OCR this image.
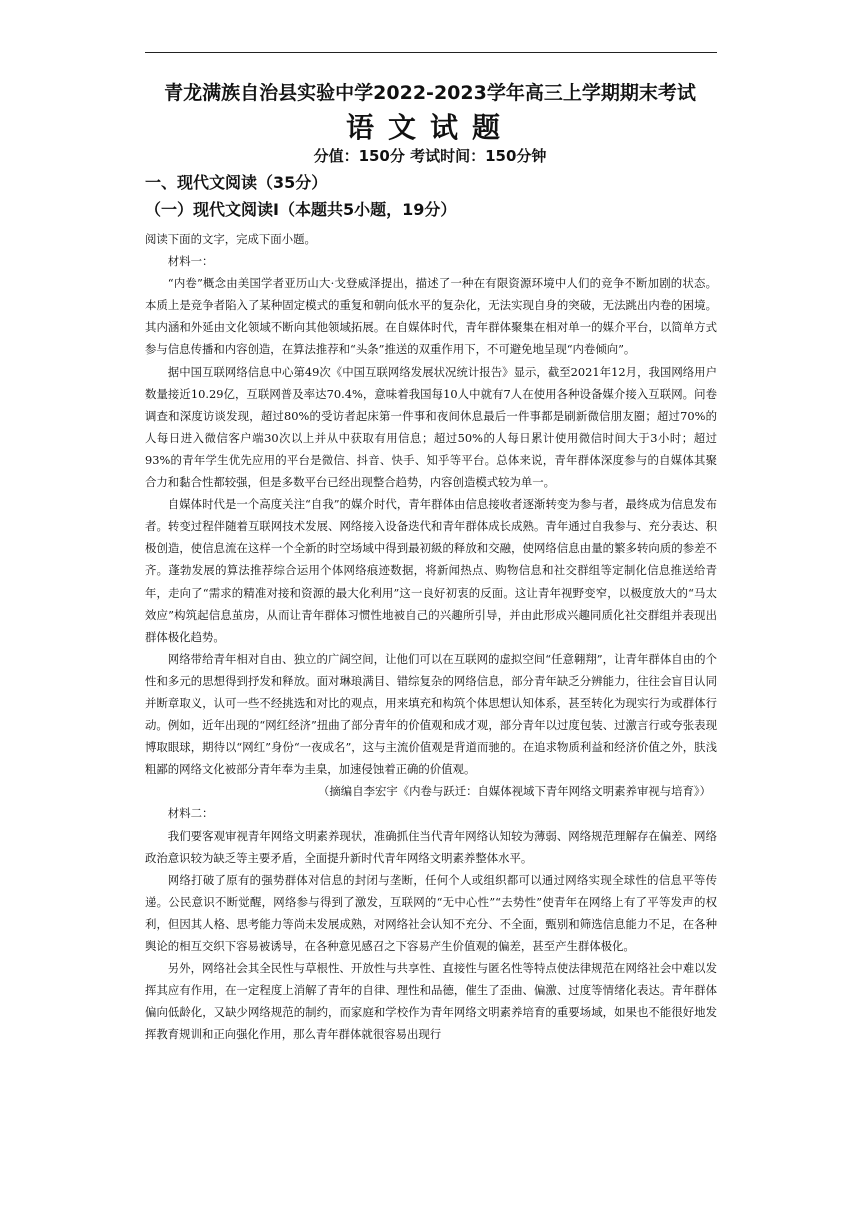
青龙满族自治县实验中学2022-2023学年高三上学期期末考试
语文试题
分值：150分 考试时间：150分钟
一、现代文阅读（35分）
（一）现代文阅读Ⅰ（本题共5小题，19分）

阅读下面的文字，完成下面小题。

材料一：

“内卷”概念由美国学者亚历山大·戈登威泽提出，描述了一种在有限资源环境中人们的竞争不断加剧的状态。本质上是竞争者陷入了某种固定模式的重复和朝向低水平的复杂化，无法实现自身的突破，无法跳出内卷的困境。其内涵和外延由文化领域不断向其他领域拓展。在自媒体时代，青年群体聚集在相对单一的媒介平台，以简单方式参与信息传播和内容创造，在算法推荐和“头条”推送的双重作用下，不可避免地呈现“内卷倾向”。

据中国互联网络信息中心第49次《中国互联网络发展状况统计报告》显示，截至2021年12月，我国网络用户数量接近10.29亿，互联网普及率达70.4%，意味着我国每10人中就有7人在使用各种设备媒介接入互联网。问卷调查和深度访谈发现，超过80%的受访者起床第一件事和夜间休息最后一件事都是刷新微信朋友圈；超过70%的人每日进入微信客户端30次以上并从中获取有用信息；超过50%的人每日累计使用微信时间大于3小时；超过93%的青年学生优先应用的平台是微信、抖音、快手、知乎等平台。总体来说，青年群体深度参与的自媒体其聚合力和黏合性都较强，但是多数平台已经出现整合趋势，内容创造模式较为单一。

自媒体时代是一个高度关注“自我”的媒介时代，青年群体由信息接收者逐渐转变为参与者，最终成为信息发布者。转变过程伴随着互联网技术发展、网络接入设备迭代和青年群体成长成熟。青年通过自我参与、充分表达、积极创造，使信息流在这样一个全新的时空场域中得到最初級的释放和交融，使网络信息由量的繁多转向质的参差不齐。蓬勃发展的算法推荐综合运用个体网络痕迹数据，将新闻热点、购物信息和社交群组等定制化信息推送给青年，走向了“需求的精准对接和资源的最大化利用”这一良好初衷的反面。这让青年视野变窄，以极度放大的“马太效应”构筑起信息茧房，从而让青年群体习惯性地被自己的兴趣所引导，并由此形成兴趣同质化社交群组并表现出群体极化趋势。

网络带给青年相对自由、独立的广阔空间，让他们可以在互联网的虚拟空间“任意翱翔”，让青年群体自由的个性和多元的思想得到抒发和释放。面对琳琅满目、错综复杂的网络信息，部分青年缺乏分辨能力，往往会盲目认同并断章取义，认可一些不经挑选和对比的观点，用来填充和构筑个体思想认知体系，甚至转化为现实行为或群体行动。例如，近年出现的“网红经济”扭曲了部分青年的价值观和成才观，部分青年以过度包装、过激言行或夸张表现博取眼球，期待以“网红”身份“一夜成名”，这与主流价值观是背道而驰的。在追求物质利益和经济价值之外，肤浅粗鄙的网络文化被部分青年奉为圭臬，加速侵蚀着正确的价值观。

（摘编自李宏宇《内卷与跃迁：自媒体视域下青年网络文明素养审视与培育》）

材料二：

我们要客观审视青年网络文明素养现状，准确抓住当代青年网络认知较为薄弱、网络规范理解存在偏差、网络政治意识较为缺乏等主要矛盾，全面提升新时代青年网络文明素养整体水平。

网络打破了原有的强势群体对信息的封闭与垄断，任何个人或组织都可以通过网络实现全球性的信息平等传递。公民意识不断觉醒，网络参与得到了激发，互联网的“无中心性”“去势性”使青年在网络上有了平等发声的权利，但因其人格、思考能力等尚未发展成熟，对网络社会认知不充分、不全面，甄别和筛选信息能力不足，在各种舆论的相互交织下容易被诱导，在各种意见感召之下容易产生价值观的偏差，甚至产生群体极化。

另外，网络社会其全民性与草根性、开放性与共享性、直接性与匿名性等特点使法律规范在网络社会中难以发挥其应有作用，在一定程度上消解了青年的自律、理性和品德，催生了歪曲、偏激、过度等情绪化表达。青年群体偏向低龄化，又缺少网络规范的制约，而家庭和学校作为青年网络文明素养培育的重要场域，如果也不能很好地发挥教育规训和正向强化作用，那么青年群体就很容易出现行
